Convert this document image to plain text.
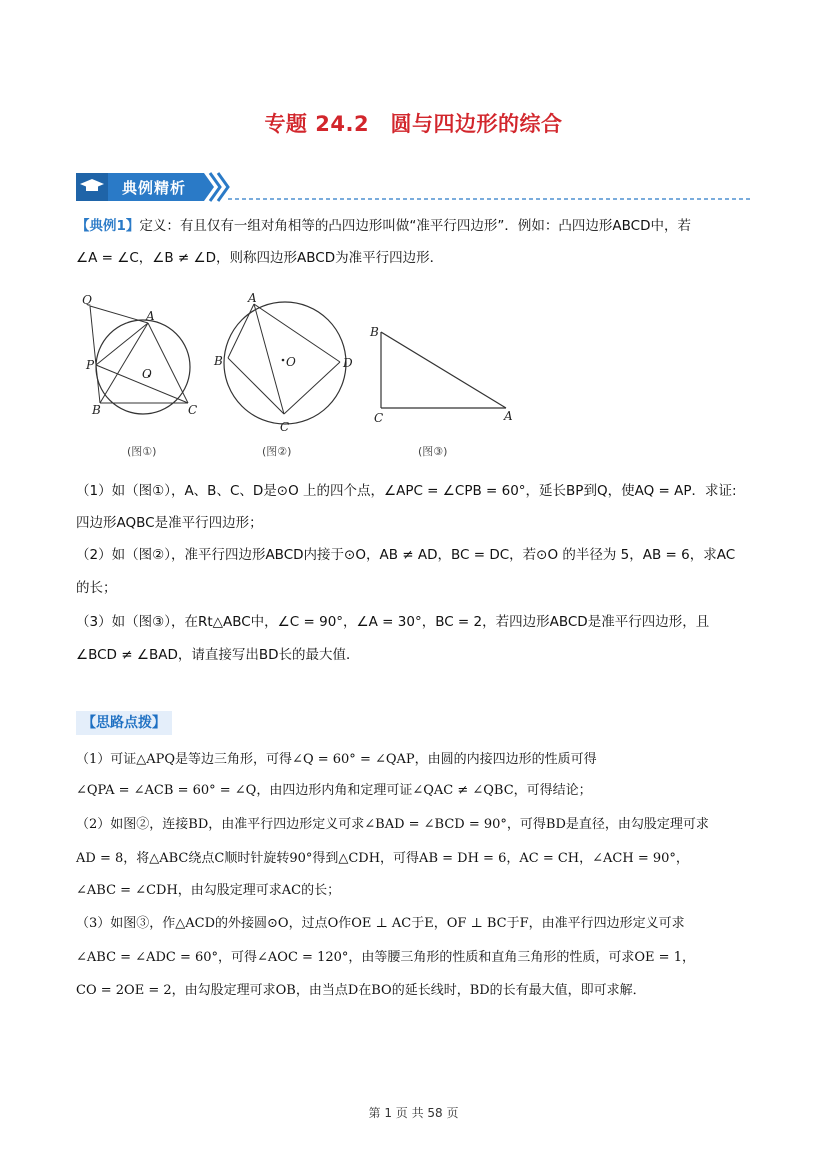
专题 24.2　圆与四边形的综合
典例精析
【典例1】定义：有且仅有一组对角相等的凸四边形叫做“准平行四边形”．例如：凸四边形ABCD中，若
∠A = ∠C，∠B ≠ ∠D，则称四边形ABCD为准平行四边形．
Q
A
P
O
B	C
(图①)
A
B	O	D
C
(图②)
B
C	A
(图③)
（1）如（图①），A、B、C、D是⊙O 上的四个点，∠APC = ∠CPB = 60°，延长BP到Q，使AQ = AP．求证:
四边形AQBC是准平行四边形；
（2）如（图②），准平行四边形ABCD内接于⊙O，AB ≠ AD，BC = DC，若⊙O 的半径为 5，AB = 6，求AC
的长；
（3）如（图③），在Rt△ABC中，∠C = 90°，∠A = 30°，BC = 2，若四边形ABCD是准平行四边形，且
∠BCD ≠ ∠BAD，请直接写出BD长的最大值．
【思路点拨】
（1）可证△APQ是等边三角形，可得∠Q = 60° = ∠QAP，由圆的内接四边形的性质可得
∠QPA = ∠ACB = 60° = ∠Q，由四边形内角和定理可证∠QAC ≠ ∠QBC，可得结论；
（2）如图②，连接BD，由准平行四边形定义可求∠BAD = ∠BCD = 90°，可得BD是直径，由勾股定理可求
AD = 8，将△ABC绕点C顺时针旋转90°得到△CDH，可得AB = DH = 6，AC = CH，∠ACH = 90°，
∠ABC = ∠CDH，由勾股定理可求AC的长；
（3）如图③，作△ACD的外接圆⊙O，过点O作OE ⊥ AC于E，OF ⊥ BC于F，由准平行四边形定义可求
∠ABC = ∠ADC = 60°，可得∠AOC = 120°，由等腰三角形的性质和直角三角形的性质，可求OE = 1，
CO = 2OE = 2，由勾股定理可求OB，由当点D在BO的延长线时，BD的长有最大值，即可求解．
第 1 页 共 58 页
